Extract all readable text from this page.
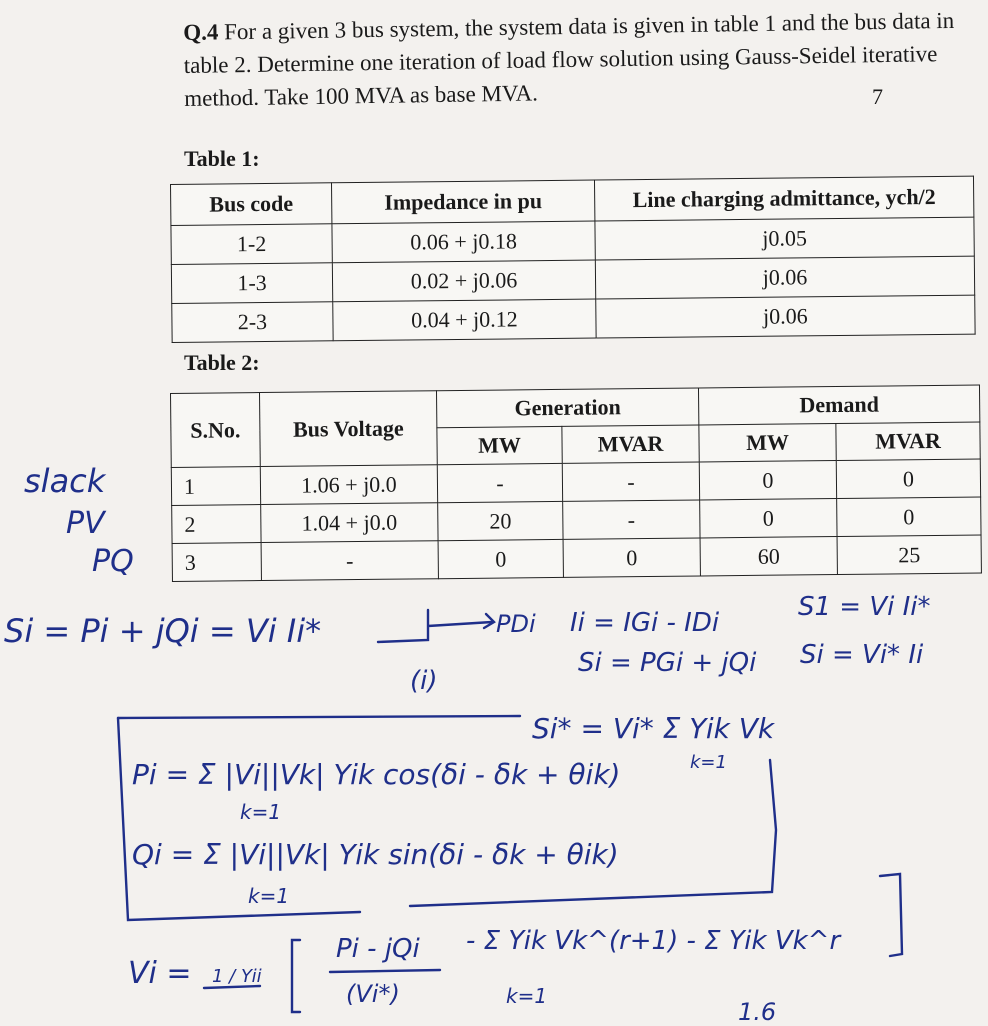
Q.4 For a given 3 bus system, the system data is given in table 1 and the bus data in table 2. Determine one iteration of load flow solution using Gauss-Seidel iterative method. Take 100 MVA as base MVA.	7
Table 1:
Bus code	Impedance in pu	Line charging admittance, ych/2
1-2	0.06 + j0.18	j0.05
1-3	0.02 + j0.06	j0.06
2-3	0.04 + j0.12	j0.06
Table 2:
S.No.	Bus Voltage	Generation		Demand	
		MW	MVAR	MW	MVAR
1	1.06 + j0.0	-	-	0	0
2	1.04 + j0.0	20	-	0	0
3	-	0	0	60	25
slack
PV
PQ
Si = Pi + jQi = Vi Ii*
(i)
PDi Ii = IGi - IDi
Si = PGi + jQi
S1 = Vi Ii*
Si = Vi* Ii
Si* = Vi* Σ Yik Vk
k=1
Pi = Σ |Vi||Vk| Yik cos(δi - δk + θik)
k=1
Qi = Σ |Vi||Vk| Yik sin(δi - δk + θik)
k=1
Vi = 1 / Yii
Pi - jQi
(Vi*)
- Σ Yik Vk^(r+1) - Σ Yik Vk^r
k=1
1.6
